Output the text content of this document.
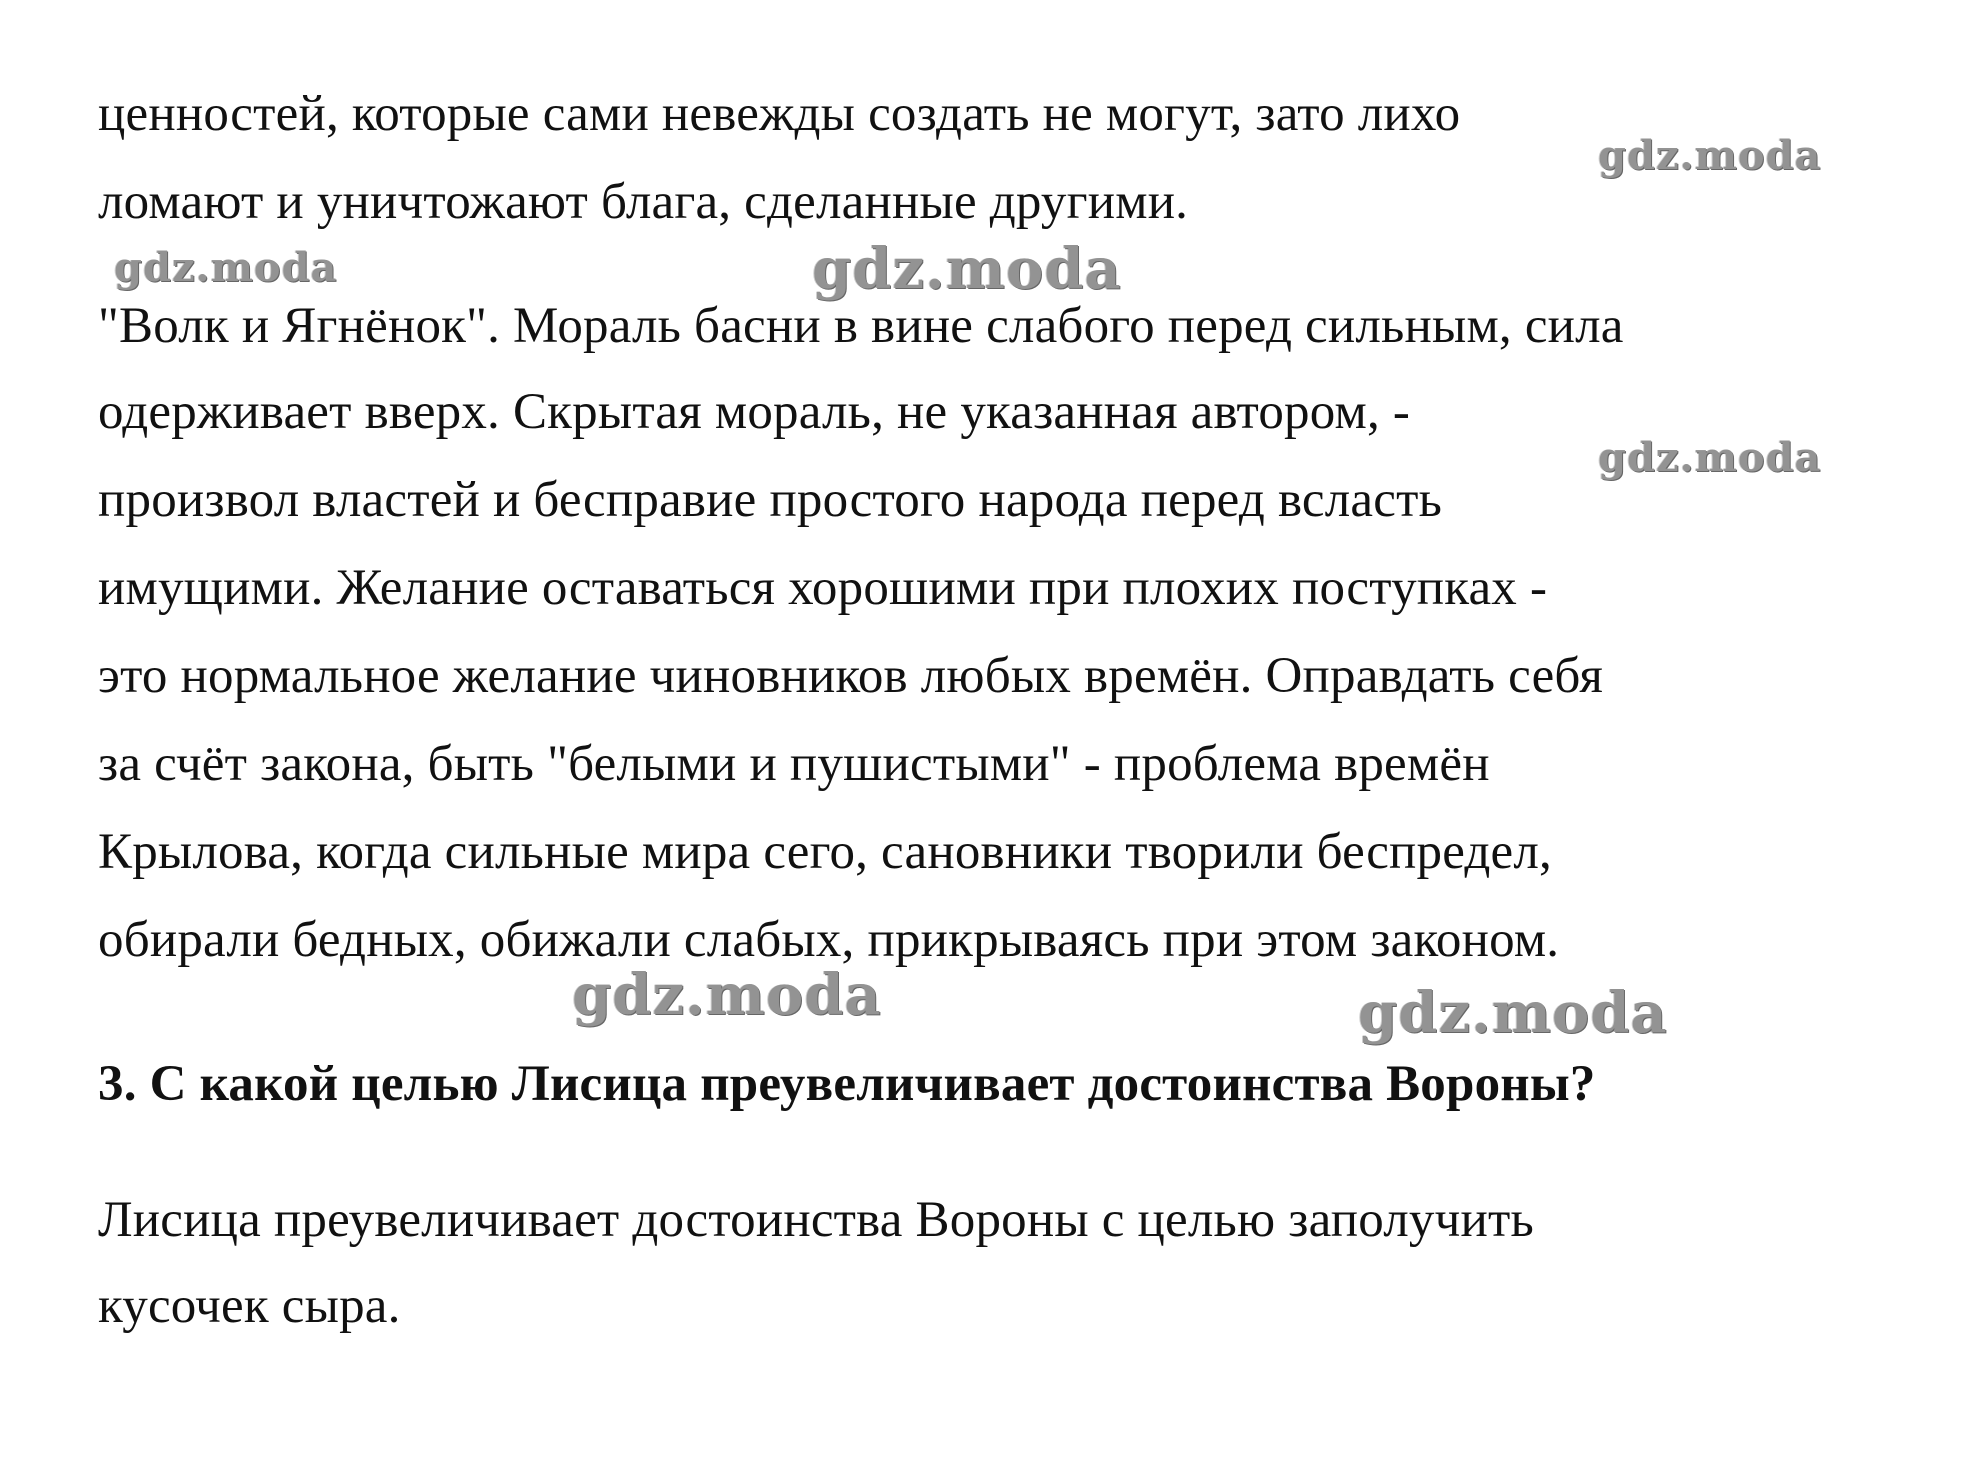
ценностей, которые сами невежды создать не могут, зато лихо
ломают и уничтожают блага, сделанные другими.
"Волк и Ягнёнок". Мораль басни в вине слабого перед сильным, сила
одерживает вверх. Скрытая мораль, не указанная автором, -
произвол властей и бесправие простого народа перед всласть
имущими. Желание оставаться хорошими при плохих поступках -
это нормальное желание чиновников любых времён. Оправдать себя
за счёт закона, быть "белыми и пушистыми" - проблема времён
Крылова, когда сильные мира сего, сановники творили беспредел,
обирали бедных, обижали слабых, прикрываясь при этом законом.
3. С какой целью Лисица преувеличивает достоинства Вороны?
Лисица преувеличивает достоинства Вороны с целью заполучить
кусочек сыра.
gdz.moda
gdz.moda	gdz.moda
gdz.moda
gdz.moda	gdz.moda
